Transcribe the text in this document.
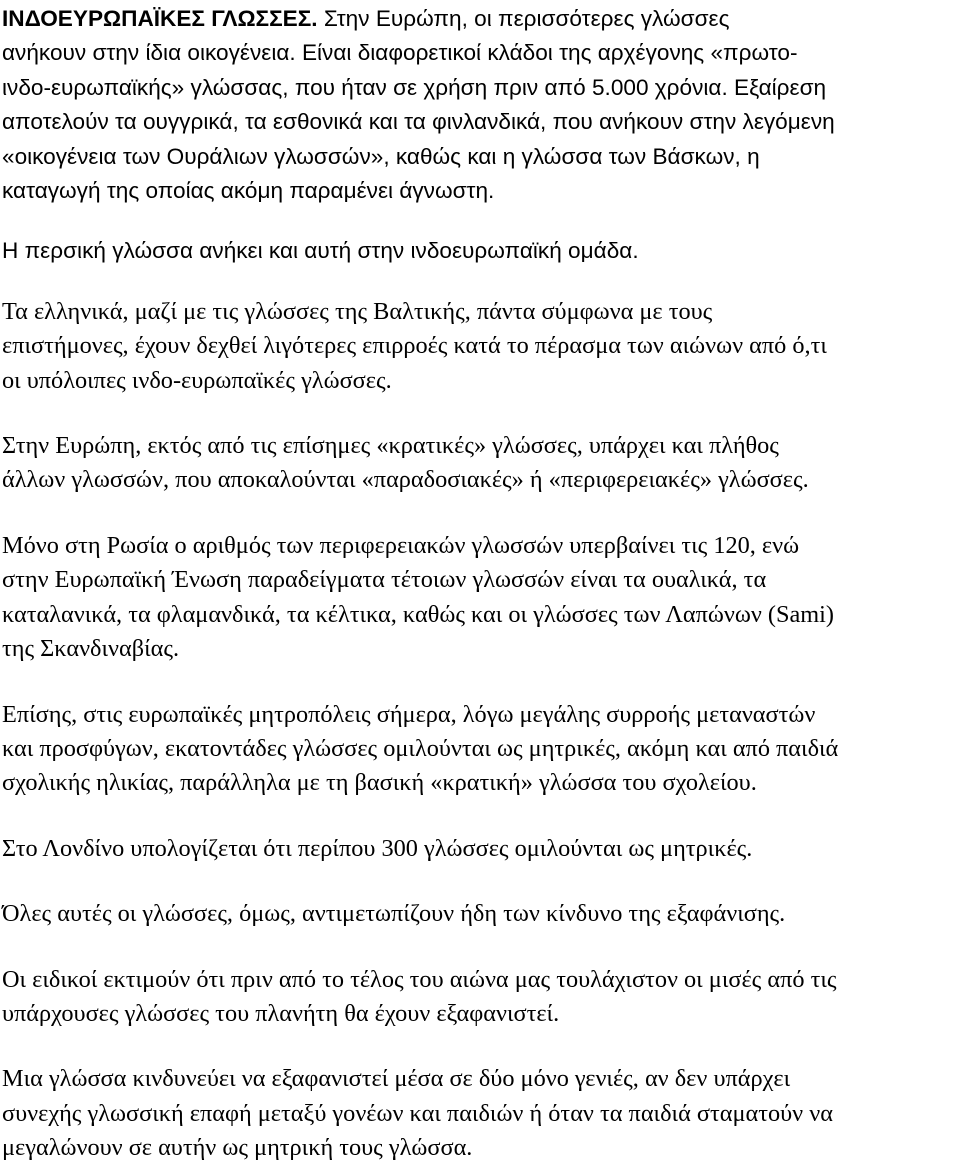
ΙΝΔΟΕΥΡΩΠΑΪΚΕΣ ΓΛΩΣΣΕΣ. Στην Ευρώπη, οι περισσότερες γλώσσες
ανήκουν στην ίδια οικογένεια. Είναι διαφορετικοί κλάδοι της αρχέγονης «πρωτο-
ινδο-ευρωπαϊκής» γλώσσας, που ήταν σε χρήση πριν από 5.000 χρόνια. Εξαίρεση
αποτελούν τα ουγγρικά, τα εσθονικά και τα φινλανδικά, που ανήκουν στην λεγόμενη
«οικογένεια των Ουράλιων γλωσσών», καθώς και η γλώσσα των Βάσκων, η
καταγωγή της οποίας ακόμη παραμένει άγνωστη.

Η περσική γλώσσα ανήκει και αυτή στην ινδοευρωπαϊκή ομάδα.

Τα ελληνικά, μαζί με τις γλώσσες της Βαλτικής, πάντα σύμφωνα με τους
επιστήμονες, έχουν δεχθεί λιγότερες επιρροές κατά το πέρασμα των αιώνων από ό,τι
οι υπόλοιπες ινδο-ευρωπαϊκές γλώσσες.

Στην Ευρώπη, εκτός από τις επίσημες «κρατικές» γλώσσες, υπάρχει και πλήθος
άλλων γλωσσών, που αποκαλούνται «παραδοσιακές» ή «περιφερειακές» γλώσσες.

Μόνο στη Ρωσία ο αριθμός των περιφερειακών γλωσσών υπερβαίνει τις 120, ενώ
στην Ευρωπαϊκή Ένωση παραδείγματα τέτοιων γλωσσών είναι τα ουαλικά, τα
καταλανικά, τα φλαμανδικά, τα κέλτικα, καθώς και οι γλώσσες των Λαπώνων (Sami)
της Σκανδιναβίας.

Επίσης, στις ευρωπαϊκές μητροπόλεις σήμερα, λόγω μεγάλης συρροής μεταναστών
και προσφύγων, εκατοντάδες γλώσσες ομιλούνται ως μητρικές, ακόμη και από παιδιά
σχολικής ηλικίας, παράλληλα με τη βασική «κρατική» γλώσσα του σχολείου.

Στο Λονδίνο υπολογίζεται ότι περίπου 300 γλώσσες ομιλούνται ως μητρικές.

Όλες αυτές οι γλώσσες, όμως, αντιμετωπίζουν ήδη των κίνδυνο της εξαφάνισης.

Οι ειδικοί εκτιμούν ότι πριν από το τέλος του αιώνα μας τουλάχιστον οι μισές από τις
υπάρχουσες γλώσσες του πλανήτη θα έχουν εξαφανιστεί.

Μια γλώσσα κινδυνεύει να εξαφανιστεί μέσα σε δύο μόνο γενιές, αν δεν υπάρχει
συνεχής γλωσσική επαφή μεταξύ γονέων και παιδιών ή όταν τα παιδιά σταματούν να
μεγαλώνουν σε αυτήν ως μητρική τους γλώσσα.
